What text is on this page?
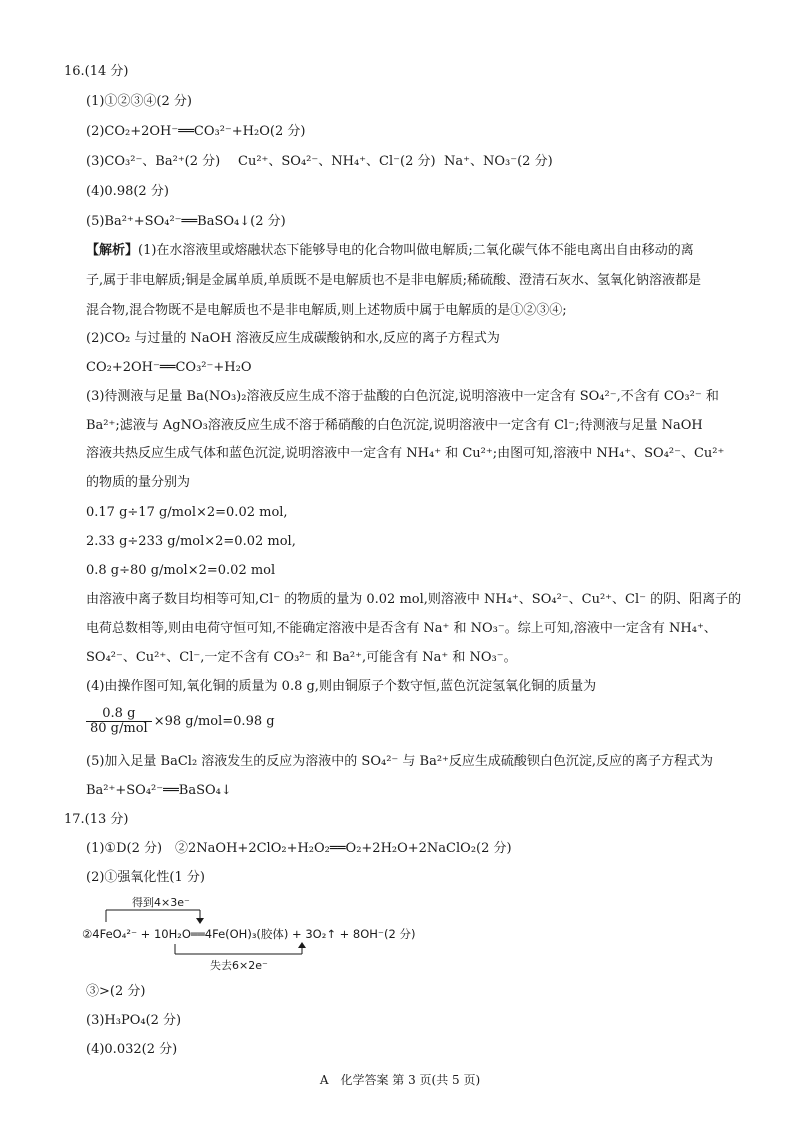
16.(14 分)
(1)①②③④(2 分)
(2)CO₂+2OH⁻══CO₃²⁻+H₂O(2 分)
(3)CO₃²⁻、Ba²⁺(2 分) Cu²⁺、SO₄²⁻、NH₄⁺、Cl⁻(2 分) Na⁺、NO₃⁻(2 分)
(4)0.98(2 分)
(5)Ba²⁺+SO₄²⁻══BaSO₄↓(2 分)
【解析】(1)在水溶液里或熔融状态下能够导电的化合物叫做电解质;二氧化碳气体不能电离出自由移动的离
子,属于非电解质;铜是金属单质,单质既不是电解质也不是非电解质;稀硫酸、澄清石灰水、氢氧化钠溶液都是
混合物,混合物既不是电解质也不是非电解质,则上述物质中属于电解质的是①②③④;
(2)CO₂ 与过量的 NaOH 溶液反应生成碳酸钠和水,反应的离子方程式为
CO₂+2OH⁻══CO₃²⁻+H₂O
(3)待测液与足量 Ba(NO₃)₂溶液反应生成不溶于盐酸的白色沉淀,说明溶液中一定含有 SO₄²⁻,不含有 CO₃²⁻ 和
Ba²⁺;滤液与 AgNO₃溶液反应生成不溶于稀硝酸的白色沉淀,说明溶液中一定含有 Cl⁻;待测液与足量 NaOH
溶液共热反应生成气体和蓝色沉淀,说明溶液中一定含有 NH₄⁺ 和 Cu²⁺;由图可知,溶液中 NH₄⁺、SO₄²⁻、Cu²⁺
的物质的量分别为
0.17 g÷17 g/mol×2=0.02 mol,
2.33 g÷233 g/mol×2=0.02 mol,
0.8 g÷80 g/mol×2=0.02 mol
由溶液中离子数目均相等可知,Cl⁻ 的物质的量为 0.02 mol,则溶液中 NH₄⁺、SO₄²⁻、Cu²⁺、Cl⁻ 的阴、阳离子的
电荷总数相等,则由电荷守恒可知,不能确定溶液中是否含有 Na⁺ 和 NO₃⁻。综上可知,溶液中一定含有 NH₄⁺、
SO₄²⁻、Cu²⁺、Cl⁻,一定不含有 CO₃²⁻ 和 Ba²⁺,可能含有 Na⁺ 和 NO₃⁻。
(4)由操作图可知,氧化铜的质量为 0.8 g,则由铜原子个数守恒,蓝色沉淀氢氧化铜的质量为
$\frac{0.8 g}{\text{80 g/mol}} \times 98$ g/mol=0.98 g
(5)加入足量 BaCl₂ 溶液发生的反应为溶液中的 SO₄²⁻ 与 Ba²⁺反应生成硫酸钡白色沉淀,反应的离子方程式为
Ba²⁺+SO₄²⁻══BaSO₄↓
17.(13 分)
(1)①D(2 分)　②2NaOH+2ClO₂+H₂O₂══O₂+2H₂O+2NaClO₂(2 分)
(2)①强氧化性(1 分)
得到4×3e⁻
②4FeO₄²⁻ + 10H₂O══4Fe(OH)₃(胶体) + 3O₂↑ + 8OH⁻(2 分)
失去6×2e⁻
③>(2 分)
(3)H₃PO₄(2 分)
(4)0.032(2 分)
A　化学答案 第 3 页(共 5 页)
